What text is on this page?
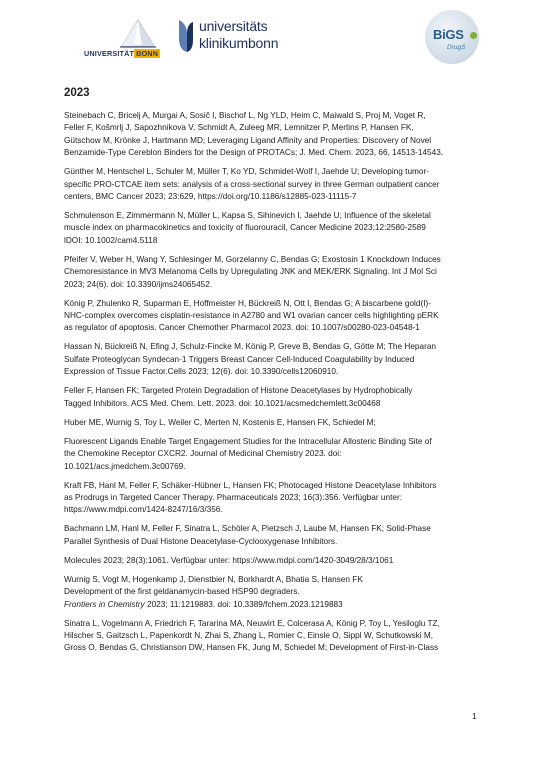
UNIVERSITÄT BONN
universitäts
klinikumbonn
BiGS
DrugS
2023

Steinebach C, Bricelj A, Murgai A, Sosič I, Bischof L, Ng YLD, Heim C, Maiwald S, Proj M, Voget R,
Feller F, Košmrlj J, Sapozhnikova V, Schmidt A, Zuleeg MR, Lemnitzer P, Mertins P, Hansen FK,
Gütschow M, Krönke J, Hartmann MD; Leveraging Ligand Affinity and Properties: Discovery of Novel
Benzamide-Type Cereblon Binders for the Design of PROTACs; J. Med. Chem. 2023, 66, 14513-14543.

Günther M, Hentschel L, Schuler M, Müller T, Ko YD, Schmidet-Wolf I, Jaehde U; Developing tumor-
specific PRO-CTCAE item sets: analysis of a cross-sectional survey in three German outpatient cancer
centers, BMC Cancer 2023; 23:629, https://doi.org/10.1186/s12885-023-11115-7

Schmulenson E, Zimmermann N, Müller L, Kapsa S, Sihinevich I, Jaehde U; Influence of the skeletal
muscle index on pharmacokinetics and toxicity of fluorouracil, Cancer Medicine 2023;12:2580-2589
lDOI: 10.1002/cam4.5118

Pfeifer V, Weber H, Wang Y, Schlesinger M, Gorzelanny C, Bendas G; Exostosin 1 Knockdown Induces
Chemoresistance in MV3 Melanoma Cells by Upregulating JNK and MEK/ERK Signaling. Int J Mol Sci
2023; 24(6). doi: 10.3390/ijms24065452.

König P, Zhulenko R, Suparman E, Hoffmeister H, Bückreiß N, Ott I, Bendas G; A biscarbene gold(I)-
NHC-complex overcomes cisplatin-resistance in A2780 and W1 ovarian cancer cells highlighting pERK
as regulator of apoptosis. Cancer Chemother Pharmacol 2023. doi: 10.1007/s00280-023-04548-1

Hassan N, Bückreiß N, Efing J, Schulz-Fincke M, König P, Greve B, Bendas G, Götte M; The Heparan
Sulfate Proteoglycan Syndecan-1 Triggers Breast Cancer Cell-Induced Coagulability by Induced
Expression of Tissue Factor.Cells 2023; 12(6). doi: 10.3390/cells12060910.

Feller F, Hansen FK; Targeted Protein Degradation of Histone Deacetylases by Hydrophobically
Tagged Inhibitors. ACS Med. Chem. Lett. 2023. doi: 10.1021/acsmedchemlett.3c00468

Huber ME, Wurnig S, Toy L, Weiler C, Merten N, Kostenis E, Hansen FK, Schiedel M;

Fluorescent Ligands Enable Target Engagement Studies for the Intracellular Allosteric Binding Site of
the Chemokine Receptor CXCR2. Journal of Medicinal Chemistry 2023. doi:
10.1021/acs.jmedchem.3c00769.

Kraft FB, Hanl M, Feller F, Schäker-Hübner L, Hansen FK; Photocaged Histone Deacetylase Inhibitors
as Prodrugs in Targeted Cancer Therapy. Pharmaceuticals 2023; 16(3):356. Verfügbar unter:
https://www.mdpi.com/1424-8247/16/3/356.

Bachmann LM, Hanl M, Feller F, Sinatra L, Schöler A, Pietzsch J, Laube M, Hansen FK; Solid-Phase
Parallel Synthesis of Dual Histone Deacetylase-Cyclooxygenase Inhibitors.

Molecules 2023; 28(3):1061. Verfügbar unter: https://www.mdpi.com/1420-3049/28/3/1061

Wurnig S, Vogt M, Hogenkamp J, Dienstbier N, Borkhardt A, Bhatia S, Hansen FK
Development of the first geldanamycin-based HSP90 degraders.
Frontiers in Chemistry 2023; 11:1219883. doi: 10.3389/fchem.2023.1219883

Sinatra L, Vogelmann A, Friedrich F, Tararina MA, Neuwirt E, Colcerasa A, König P, Toy L, Yesiloglu TZ,
Hilscher S, Gaitzsch L, Papenkordt N, Zhai S, Zhang L, Romier C, Einsle O, Sippl W, Schutkowski M,
Gross O, Bendas G, Christianson DW, Hansen FK, Jung M, Schiedel M; Development of First-in-Class

1
